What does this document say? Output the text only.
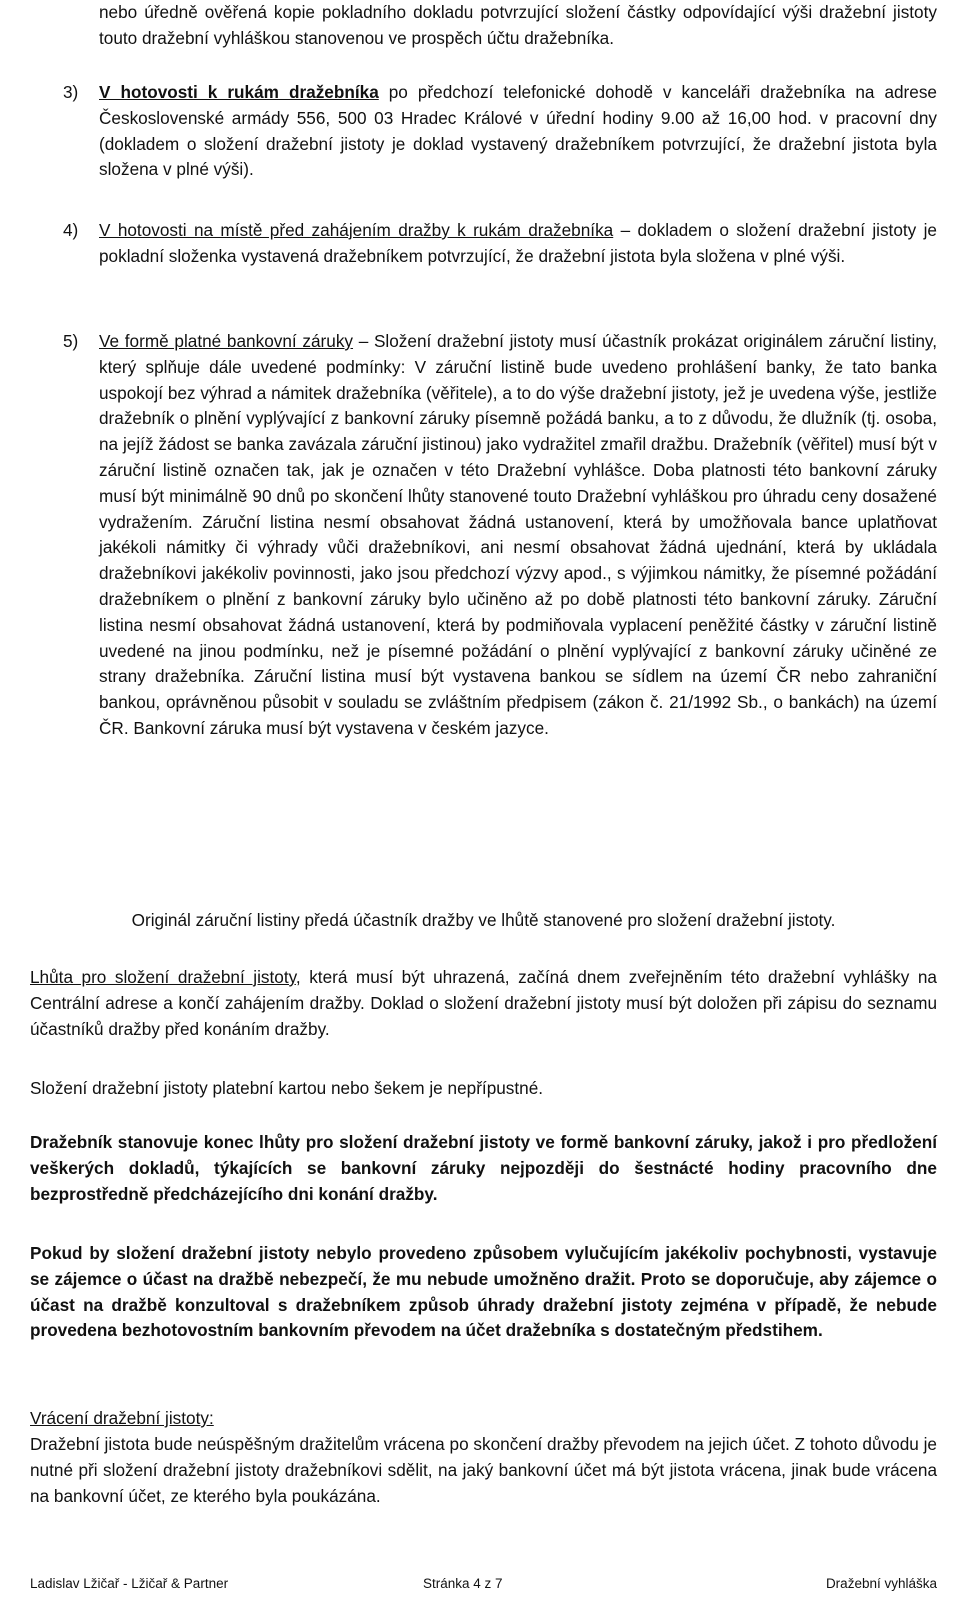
nebo úředně ověřená kopie pokladního dokladu potvrzující složení částky odpovídající výši dražební jistoty touto dražební vyhláškou stanovenou ve prospěch účtu dražebníka.

3) V hotovosti k rukám dražebníka po předchozí telefonické dohodě v kanceláři dražebníka na adrese Československé armády 556, 500 03 Hradec Králové v úřední hodiny 9.00 až 16,00 hod. v pracovní dny (dokladem o složení dražební jistoty je doklad vystavený dražebníkem potvrzující, že dražební jistota byla složena v plné výši).

4) V hotovosti na místě před zahájením dražby k rukám dražebníka – dokladem o složení dražební jistoty je pokladní složenka vystavená dražebníkem potvrzující, že dražební jistota byla složena v plné výši.

5) Ve formě platné bankovní záruky – Složení dražební jistoty musí účastník prokázat originálem záruční listiny, který splňuje dále uvedené podmínky: V záruční listině bude uvedeno prohlášení banky, že tato banka uspokojí bez výhrad a námitek dražebníka (věřitele), a to do výše dražební jistoty, jež je uvedena výše, jestliže dražebník o plnění vyplývající z bankovní záruky písemně požádá banku, a to z důvodu, že dlužník (tj. osoba, na jejíž žádost se banka zavázala záruční jistinou) jako vydražitel zmařil dražbu. Dražebník (věřitel) musí být v záruční listině označen tak, jak je označen v této Dražební vyhlášce. Doba platnosti této bankovní záruky musí být minimálně 90 dnů po skončení lhůty stanovené touto Dražební vyhláškou pro úhradu ceny dosažené vydražením. Záruční listina nesmí obsahovat žádná ustanovení, která by umožňovala bance uplatňovat jakékoli námitky či výhrady vůči dražebníkovi, ani nesmí obsahovat žádná ujednání, která by ukládala dražebníkovi jakékoliv povinnosti, jako jsou předchozí výzvy apod., s výjimkou námitky, že písemné požádání dražebníkem o plnění z bankovní záruky bylo učiněno až po době platnosti této bankovní záruky. Záruční listina nesmí obsahovat žádná ustanovení, která by podmiňovala vyplacení peněžité částky v záruční listině uvedené na jinou podmínku, než je písemné požádání o plnění vyplývající z bankovní záruky učiněné ze strany dražebníka. Záruční listina musí být vystavena bankou se sídlem na území ČR nebo zahraniční bankou, oprávněnou působit v souladu se zvláštním předpisem (zákon č. 21/1992 Sb., o bankách) na území ČR. Bankovní záruka musí být vystavena v českém jazyce.

Originál záruční listiny předá účastník dražby ve lhůtě stanovené pro složení dražební jistoty.

Lhůta pro složení dražební jistoty, která musí být uhrazená, začíná dnem zveřejněním této dražební vyhlášky na Centrální adrese a končí zahájením dražby. Doklad o složení dražební jistoty musí být doložen při zápisu do seznamu účastníků dražby před konáním dražby.

Složení dražební jistoty platební kartou nebo šekem je nepřípustné.

Dražebník stanovuje konec lhůty pro složení dražební jistoty ve formě bankovní záruky, jakož i pro předložení veškerých dokladů, týkajících se bankovní záruky nejpozději do šestnácté hodiny pracovního dne bezprostředně předcházejícího dni konání dražby.

Pokud by složení dražební jistoty nebylo provedeno způsobem vylučujícím jakékoliv pochybnosti, vystavuje se zájemce o účast na dražbě nebezpečí, že mu nebude umožněno dražit. Proto se doporučuje, aby zájemce o účast na dražbě konzultoval s dražebníkem způsob úhrady dražební jistoty zejména v případě, že nebude provedena bezhotovostním bankovním převodem na účet dražebníka s dostatečným předstihem.

Vrácení dražební jistoty:

Dražební jistota bude neúspěšným dražitelům vrácena po skončení dražby převodem na jejich účet. Z tohoto důvodu je nutné při složení dražební jistoty dražebníkovi sdělit, na jaký bankovní účet má být jistota vrácena, jinak bude vrácena na bankovní účet, ze kterého byla poukázána.

Ladislav Lžičař - Lžičař & Partner	Stránka 4 z 7	Dražební vyhláška
